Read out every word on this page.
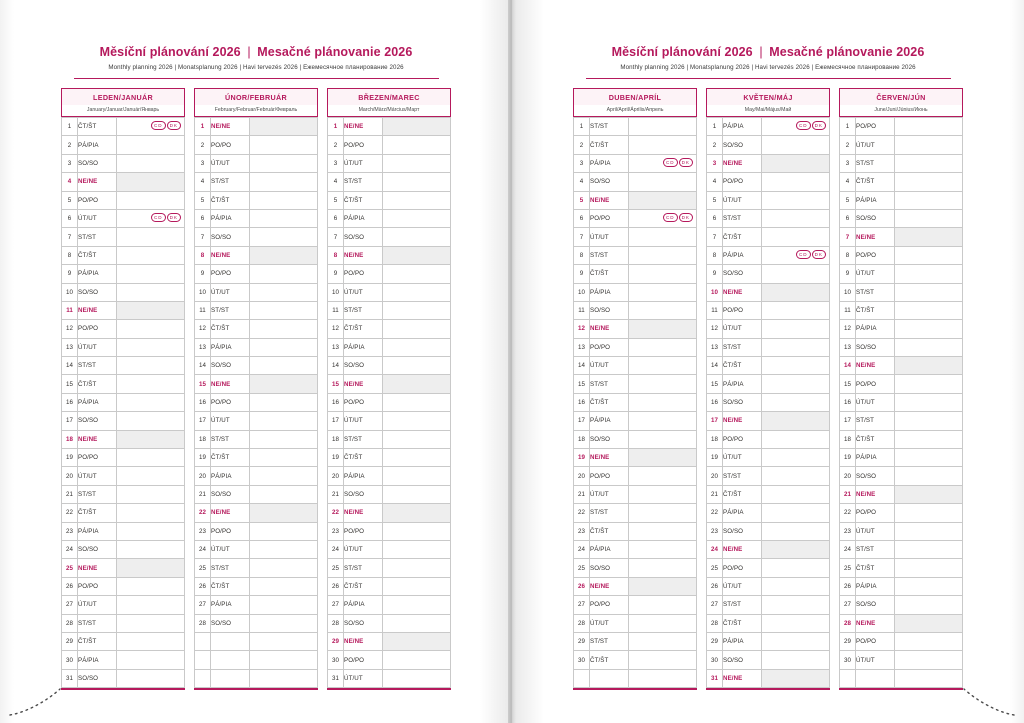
Měsíční plánování 2026 | Mesačné plánovanie 2026
Monthly planning 2026 | Monatsplanung 2026 | Havi tervezés 2026 | Ежемесячное планирование 2026
LEDEN/JANUÁR
January/Januar/Január/Январь
1	ČT/ŠT	CD DK

2	PÁ/PIA	
3	SO/SO	
4	NE/NE	
5	PO/PO	
6	ÚT/UT	CD DK

7	ST/ST	
8	ČT/ŠT	
9	PÁ/PIA	
10	SO/SO	
11	NE/NE	
12	PO/PO	
13	ÚT/UT	
14	ST/ST	
15	ČT/ŠT	
16	PÁ/PIA	
17	SO/SO	
18	NE/NE	
19	PO/PO	
20	ÚT/UT	
21	ST/ST	
22	ČT/ŠT	
23	PÁ/PIA	
24	SO/SO	
25	NE/NE	
26	PO/PO	
27	ÚT/UT	
28	ST/ST	
29	ČT/ŠT	
30	PÁ/PIA	
31	SO/SO	
ÚNOR/FEBRUÁR
February/Februar/Február/Февраль
1	NE/NE	
2	PO/PO	
3	ÚT/UT	
4	ST/ST	
5	ČT/ŠT	
6	PÁ/PIA	
7	SO/SO	
8	NE/NE	
9	PO/PO	
10	ÚT/UT	
11	ST/ST	
12	ČT/ŠT	
13	PÁ/PIA	
14	SO/SO	
15	NE/NE	
16	PO/PO	
17	ÚT/UT	
18	ST/ST	
19	ČT/ŠT	
20	PÁ/PIA	
21	SO/SO	
22	NE/NE	
23	PO/PO	
24	ÚT/UT	
25	ST/ST	
26	ČT/ŠT	
27	PÁ/PIA	
28	SO/SO	

BŘEZEN/MAREC
March/März/Március/Март
1	NE/NE	
2	PO/PO	
3	ÚT/UT	
4	ST/ST	
5	ČT/ŠT	
6	PÁ/PIA	
7	SO/SO	
8	NE/NE	
9	PO/PO	
10	ÚT/UT	
11	ST/ST	
12	ČT/ŠT	
13	PÁ/PIA	
14	SO/SO	
15	NE/NE	
16	PO/PO	
17	ÚT/UT	
18	ST/ST	
19	ČT/ŠT	
20	PÁ/PIA	
21	SO/SO	
22	NE/NE	
23	PO/PO	
24	ÚT/UT	
25	ST/ST	
26	ČT/ŠT	
27	PÁ/PIA	
28	SO/SO	
29	NE/NE	
30	PO/PO	
31	ÚT/UT	
Měsíční plánování 2026 | Mesačné plánovanie 2026
Monthly planning 2026 | Monatsplanung 2026 | Havi tervezés 2026 | Ежемесячное планирование 2026
DUBEN/APRÍL
April/April/Április/Апрель
1	ST/ST	
2	ČT/ŠT	
3	PÁ/PIA	CD DK

4	SO/SO	
5	NE/NE	
6	PO/PO	CD DK

7	ÚT/UT	
8	ST/ST	
9	ČT/ŠT	
10	PÁ/PIA	
11	SO/SO	
12	NE/NE	
13	PO/PO	
14	ÚT/UT	
15	ST/ST	
16	ČT/ŠT	
17	PÁ/PIA	
18	SO/SO	
19	NE/NE	
20	PO/PO	
21	ÚT/UT	
22	ST/ST	
23	ČT/ŠT	
24	PÁ/PIA	
25	SO/SO	
26	NE/NE	
27	PO/PO	
28	ÚT/UT	
29	ST/ST	
30	ČT/ŠT	

KVĚTEN/MÁJ
May/Mai/Május/Май
1	PÁ/PIA	CD DK

2	SO/SO	
3	NE/NE	
4	PO/PO	
5	ÚT/UT	
6	ST/ST	
7	ČT/ŠT	
8	PÁ/PIA	CD DK

9	SO/SO	
10	NE/NE	
11	PO/PO	
12	ÚT/UT	
13	ST/ST	
14	ČT/ŠT	
15	PÁ/PIA	
16	SO/SO	
17	NE/NE	
18	PO/PO	
19	ÚT/UT	
20	ST/ST	
21	ČT/ŠT	
22	PÁ/PIA	
23	SO/SO	
24	NE/NE	
25	PO/PO	
26	ÚT/UT	
27	ST/ST	
28	ČT/ŠT	
29	PÁ/PIA	
30	SO/SO	
31	NE/NE	
ČERVEN/JÚN
June/Juni/Június/Июнь
1	PO/PO	
2	ÚT/UT	
3	ST/ST	
4	ČT/ŠT	
5	PÁ/PIA	
6	SO/SO	
7	NE/NE	
8	PO/PO	
9	ÚT/UT	
10	ST/ST	
11	ČT/ŠT	
12	PÁ/PIA	
13	SO/SO	
14	NE/NE	
15	PO/PO	
16	ÚT/UT	
17	ST/ST	
18	ČT/ŠT	
19	PÁ/PIA	
20	SO/SO	
21	NE/NE	
22	PO/PO	
23	ÚT/UT	
24	ST/ST	
25	ČT/ŠT	
26	PÁ/PIA	
27	SO/SO	
28	NE/NE	
29	PO/PO	
30	ÚT/UT	
